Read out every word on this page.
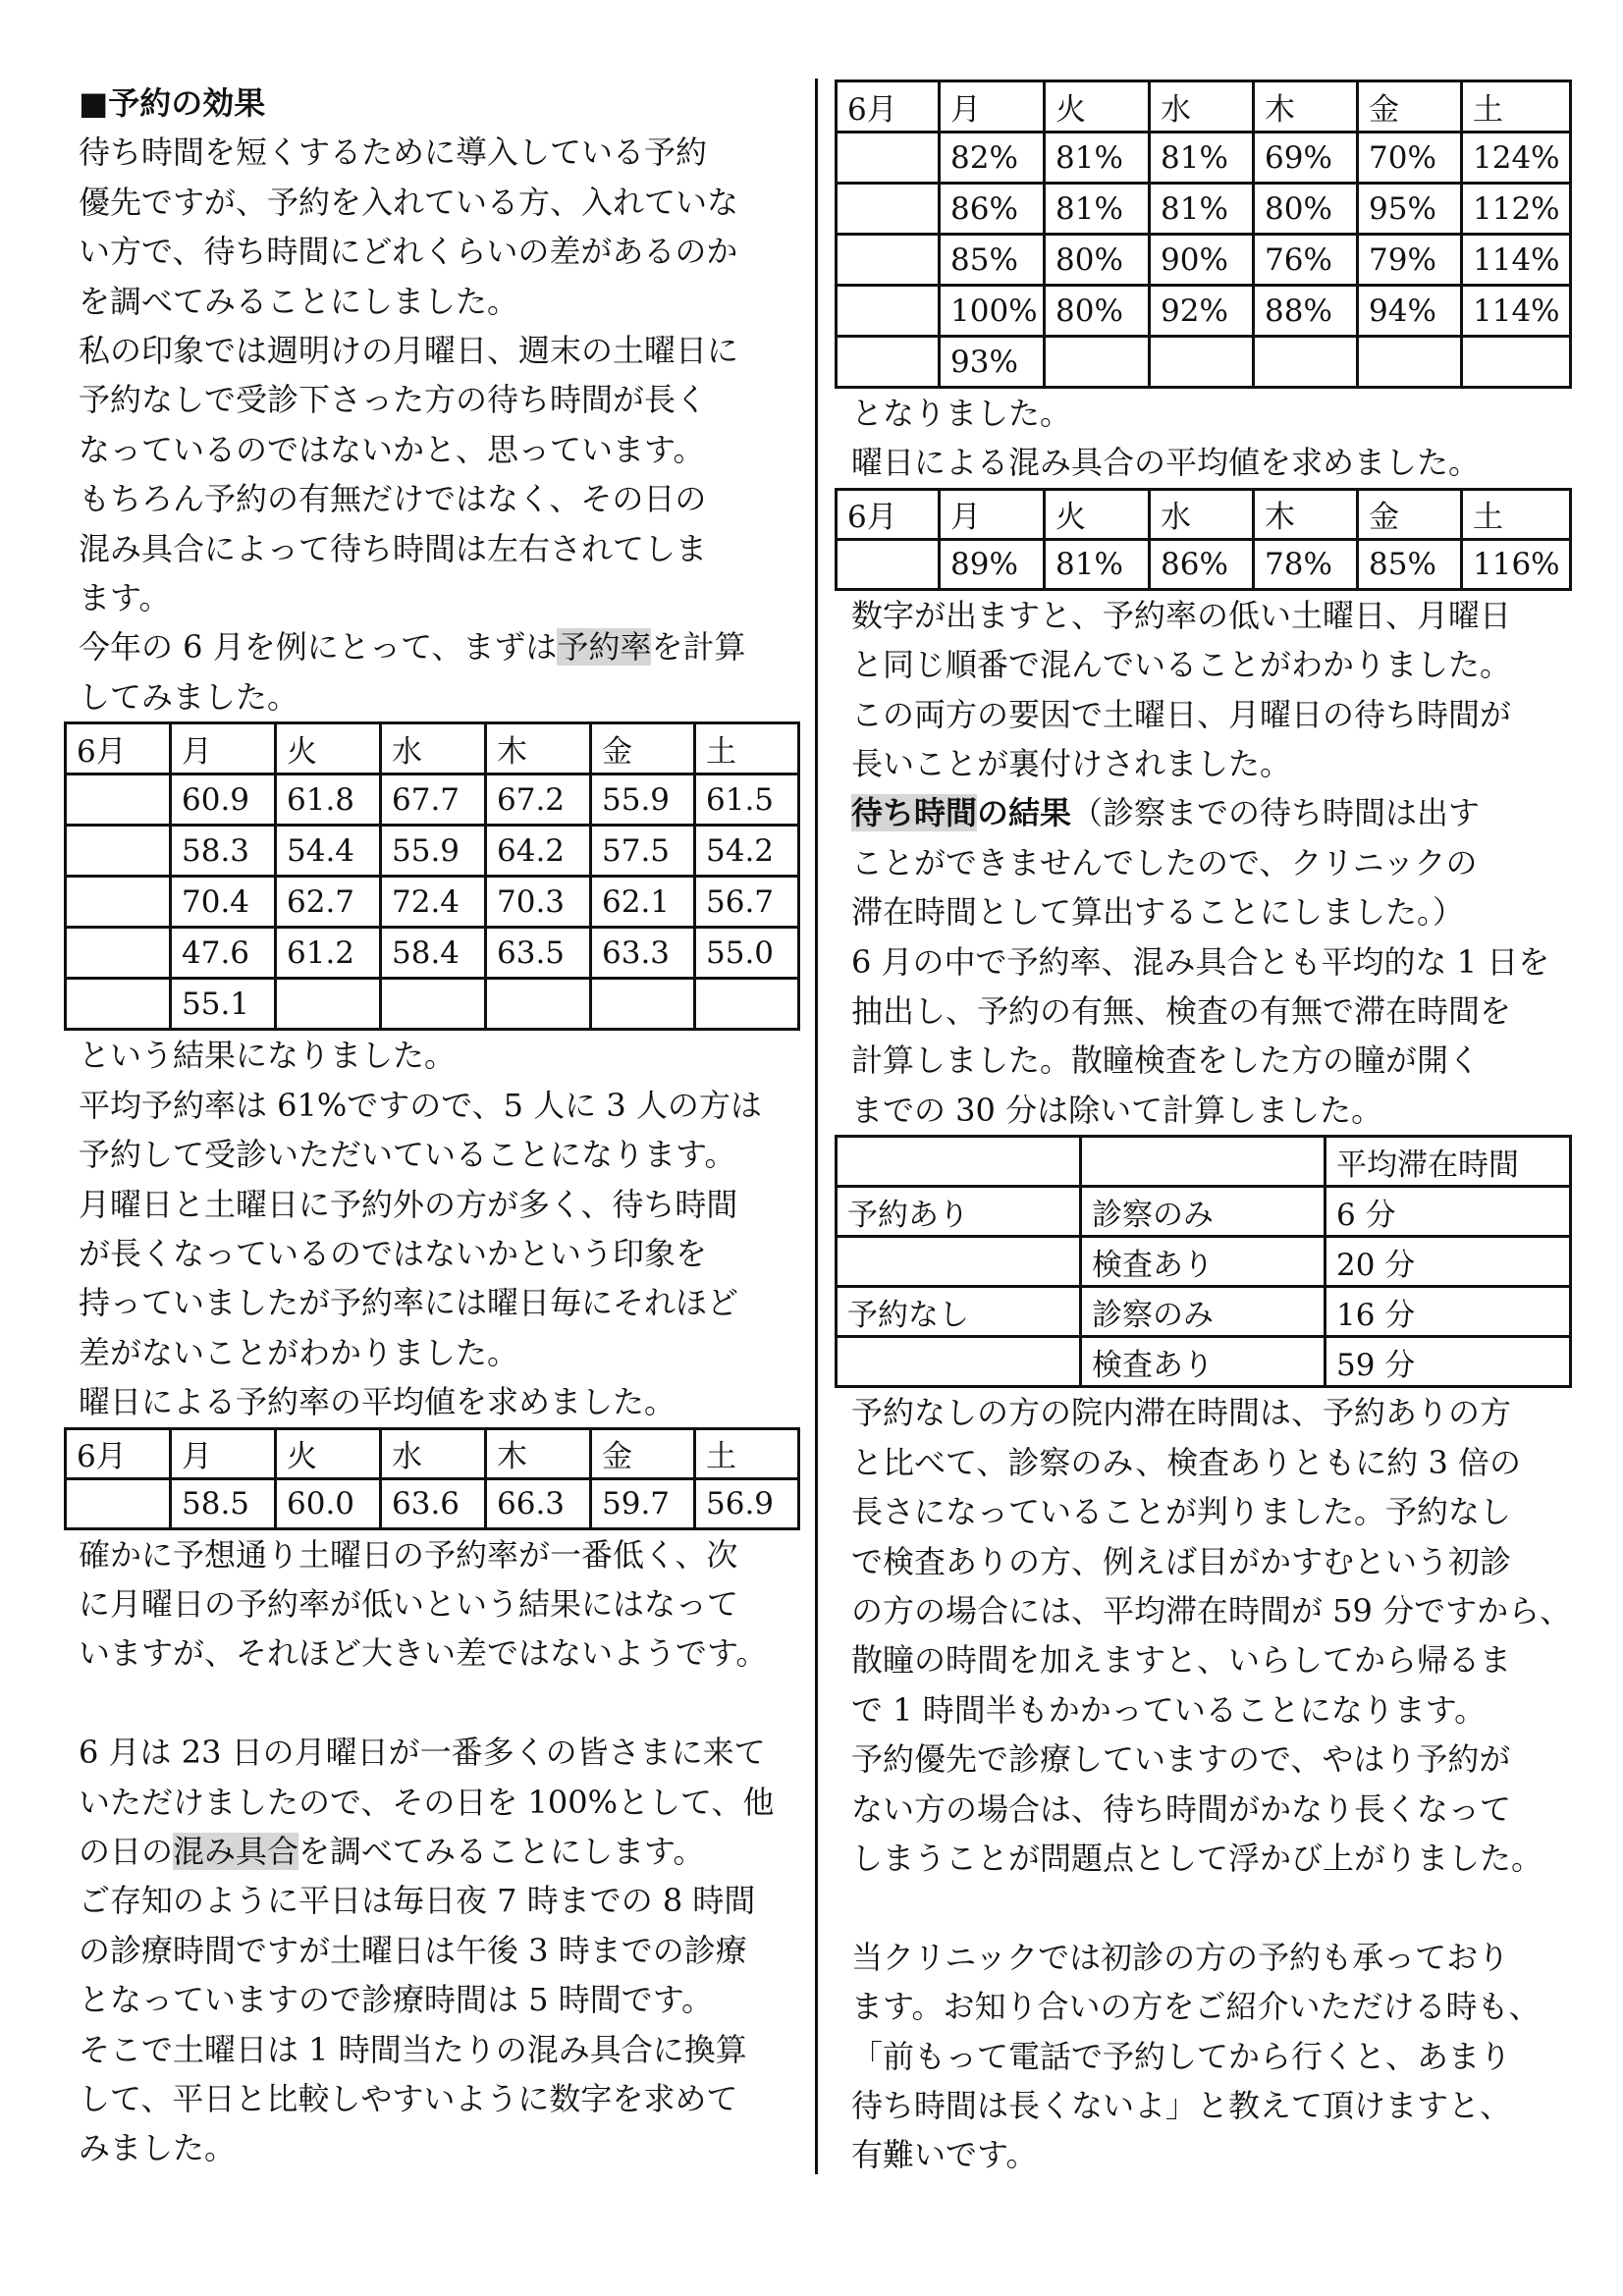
■予約の効果
待ち時間を短くするために導入している予約
優先ですが、予約を入れている方、入れていな
い方で、待ち時間にどれくらいの差があるのか
を調べてみることにしました。
私の印象では週明けの月曜日、週末の土曜日に
予約なしで受診下さった方の待ち時間が長く
なっているのではないかと、思っています。
もちろん予約の有無だけではなく、その日の
混み具合によって待ち時間は左右されてしま
ます。
今年の 6 月を例にとって、まずは予約率を計算
してみました。
6月	月	火	水	木	金	土
	60.9	61.8	67.7	67.2	55.9	61.5
	58.3	54.4	55.9	64.2	57.5	54.2
	70.4	62.7	72.4	70.3	62.1	56.7
	47.6	61.2	58.4	63.5	63.3	55.0
	55.1					
という結果になりました。
平均予約率は 61%ですので、5 人に 3 人の方は
予約して受診いただいていることになります。
月曜日と土曜日に予約外の方が多く、待ち時間
が長くなっているのではないかという印象を
持っていましたが予約率には曜日毎にそれほど
差がないことがわかりました。
曜日による予約率の平均値を求めました。
6月	月	火	水	木	金	土
	58.5	60.0	63.6	66.3	59.7	56.9
確かに予想通り土曜日の予約率が一番低く、次
に月曜日の予約率が低いという結果にはなって
いますが、それほど大きい差ではないようです。
6 月は 23 日の月曜日が一番多くの皆さまに来て
いただけましたので、その日を 100%として、他
の日の混み具合を調べてみることにします。
ご存知のように平日は毎日夜 7 時までの 8 時間
の診療時間ですが土曜日は午後 3 時までの診療
となっていますので診療時間は 5 時間です。
そこで土曜日は 1 時間当たりの混み具合に換算
して、平日と比較しやすいように数字を求めて
みました。
6月	月	火	水	木	金	土
	82%	81%	81%	69%	70%	124%
	86%	81%	81%	80%	95%	112%
	85%	80%	90%	76%	79%	114%
	100%	80%	92%	88%	94%	114%
	93%					
となりました。
曜日による混み具合の平均値を求めました。
6月	月	火	水	木	金	土
	89%	81%	86%	78%	85%	116%
数字が出ますと、予約率の低い土曜日、月曜日
と同じ順番で混んでいることがわかりました。
この両方の要因で土曜日、月曜日の待ち時間が
長いことが裏付けされました。
待ち時間の結果（診察までの待ち時間は出す
ことができませんでしたので、クリニックの
滞在時間として算出することにしました。）
6 月の中で予約率、混み具合とも平均的な 1 日を
抽出し、予約の有無、検査の有無で滞在時間を
計算しました。散瞳検査をした方の瞳が開く
までの 30 分は除いて計算しました。
		平均滞在時間
予約あり	診察のみ	6 分
	検査あり	20 分
予約なし	診察のみ	16 分
	検査あり	59 分
予約なしの方の院内滞在時間は、予約ありの方
と比べて、診察のみ、検査ありともに約 3 倍の
長さになっていることが判りました。予約なし
で検査ありの方、例えば目がかすむという初診
の方の場合には、平均滞在時間が 59 分ですから、
散瞳の時間を加えますと、いらしてから帰るま
で 1 時間半もかかっていることになります。
予約優先で診療していますので、やはり予約が
ない方の場合は、待ち時間がかなり長くなって
しまうことが問題点として浮かび上がりました。
当クリニックでは初診の方の予約も承っており
ます。お知り合いの方をご紹介いただける時も、
「前もって電話で予約してから行くと、あまり
待ち時間は長くないよ」と教えて頂けますと、
有難いです。
